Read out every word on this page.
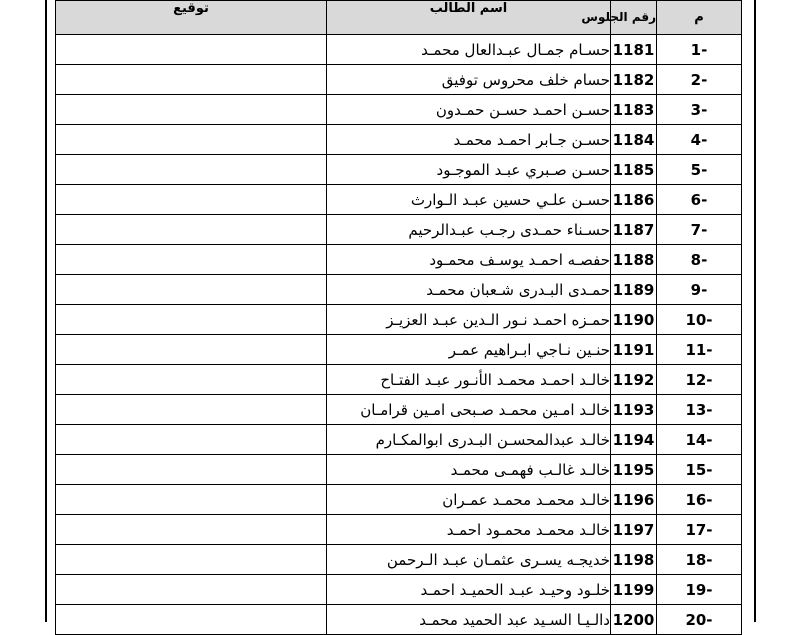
توقيع	اسم الطالب	رقم الجلوس	م
	حسـام جمـال عبـدالعال محمـد	1181	1-
	حسام خلف محروس توفيق	1182	2-
	حسـن احمـد حسـن حمـدون	1183	3-
	حسـن جـابر احمـد محمـد	1184	4-
	حسـن صـبري عبـد الموجـود	1185	5-
	حسـن علـي حسين عبـد الـوارث	1186	6-
	حسـناء حمـدى رجـب عبـدالرحيم	1187	7-
	حفصـه احمـد يوسـف محمـود	1188	8-
	حمـدى البـدرى شـعبان محمـد	1189	9-
	حمـزه احمـد نـور الـدين عبـد العزيـز	1190	10-
	حنـين نـاجي ابـراهيم عمـر	1191	11-
	خالـد احمـد محمـد الأنـور عبـد الفتـاح	1192	12-
	خالـد امـين محمـد صـبحى امـين قرامـان	1193	13-
	خالـد عبدالمحسـن البـدرى ابوالمكـارم	1194	14-
	خالـد غالـب فهمـى محمـد	1195	15-
	خالـد محمـد محمـد عمـران	1196	16-
	خالـد محمـد محمـود احمـد	1197	17-
	خديجـه يسـرى عثمـان عبـد الـرحمن	1198	18-
	خلـود وحيـد عبـد الحميـد احمـد	1199	19-
	دالـيـا السـيد عبد الحميد محمـد	1200	20-
